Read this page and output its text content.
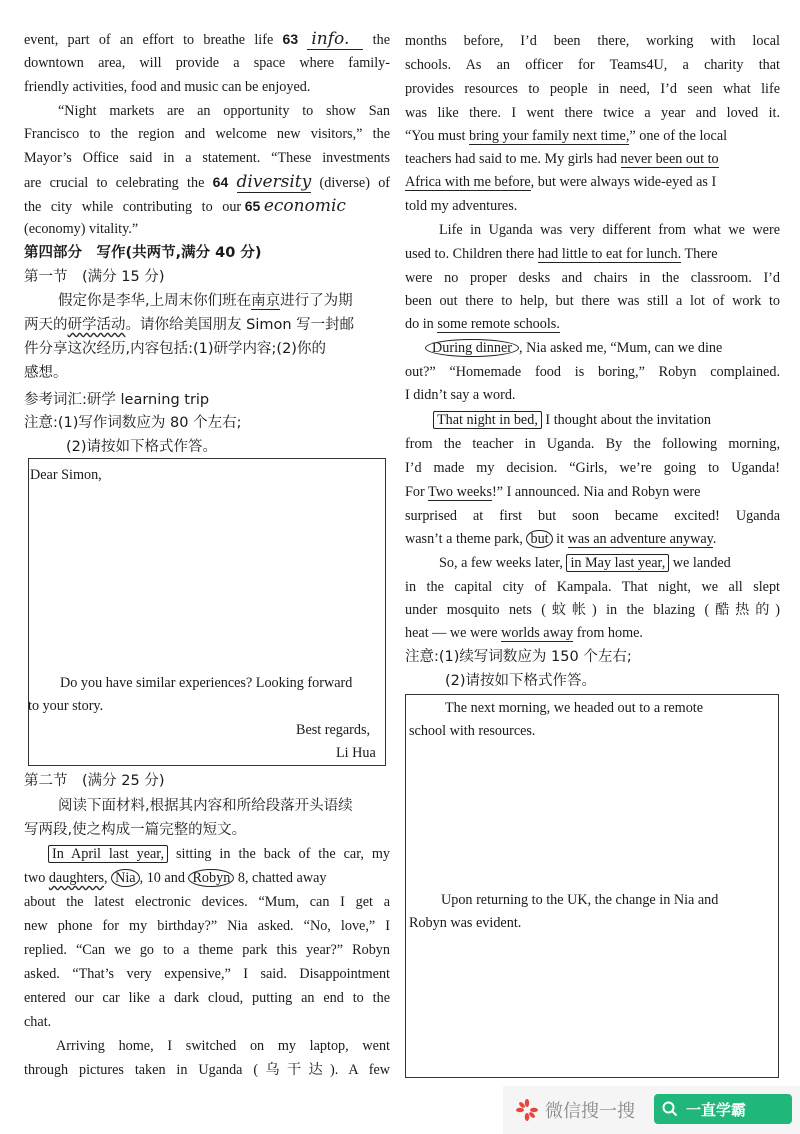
event, part of an effort to breathe life 63 info. the
downtown area, will provide a space where family-
friendly activities, food and music can be enjoyed.
“Night markets are an opportunity to show San
Francisco to the region and welcome new visitors,” the
Mayor’s Office said in a statement. “These investments
are crucial to celebrating the 64 diversity (diverse) of
the city while contributing to our 65 economic
(economy) vitality.”
第四部分　写作(共两节,满分 40 分)
第一节　(满分 15 分)
假定你是李华,上周末你们班在南京进行了为期
两天的研学活动。请你给美国朋友 Simon 写一封邮
件分享这次经历,内容包括:(1)研学内容;(2)你的
感想。
参考词汇:研学 learning trip
注意:(1)写作词数应为 80 个左右;
(2)请按如下格式作答。
Dear Simon,
Do you have similar experiences? Looking forward
to your story.
Best regards,
Li Hua
第二节　(满分 25 分)
阅读下面材料,根据其内容和所给段落开头语续
写两段,使之构成一篇完整的短文。
In April last year, sitting in the back of the car, my
two daughters, Nia , 10 and Robyn 8, chatted away
about the latest electronic devices. “Mum, can I get a
new phone for my birthday?” Nia asked. “No, love,” I
replied. “Can we go to a theme park this year?” Robyn
asked. “That’s very expensive,” I said. Disappointment
entered our car like a dark cloud, putting an end to the
chat.
Arriving home, I switched on my laptop, went
through pictures taken in Uganda (乌干达). A few
months before, I’d been there, working with local
schools. As an officer for Teams4U, a charity that
provides resources to people in need, I’d seen what life
was like there. I went there twice a year and loved it.
“You must bring your family next time,” one of the local
teachers had said to me. My girls had never been out to
Africa with me before, but were always wide-eyed as I
told my adventures.
Life in Uganda was very different from what we were
used to. Children there had little to eat for lunch. There
were no proper desks and chairs in the classroom. I’d
been out there to help, but there was still a lot of work to
do in some remote schools.
During dinner , Nia asked me, “Mum, can we dine
out?” “Homemade food is boring,” Robyn complained.
I didn’t say a word.
That night in bed, I thought about the invitation
from the teacher in Uganda. By the following morning,
I’d made my decision. “Girls, we’re going to Uganda!
For Two weeks!” I announced. Nia and Robyn were
surprised at first but soon became excited! Uganda
wasn’t a theme park, but it was an adventure anyway.
So, a few weeks later, in May last year, we landed
in the capital city of Kampala. That night, we all slept
under mosquito nets (蚊帐) in the blazing (酷热的)
heat — we were worlds away from home.
注意:(1)续写词数应为 150 个左右;
(2)请按如下格式作答。
The next morning, we headed out to a remote
school with resources.
Upon returning to the UK, the change in Nia and
Robyn was evident.
微信搜一搜	一直学霸
